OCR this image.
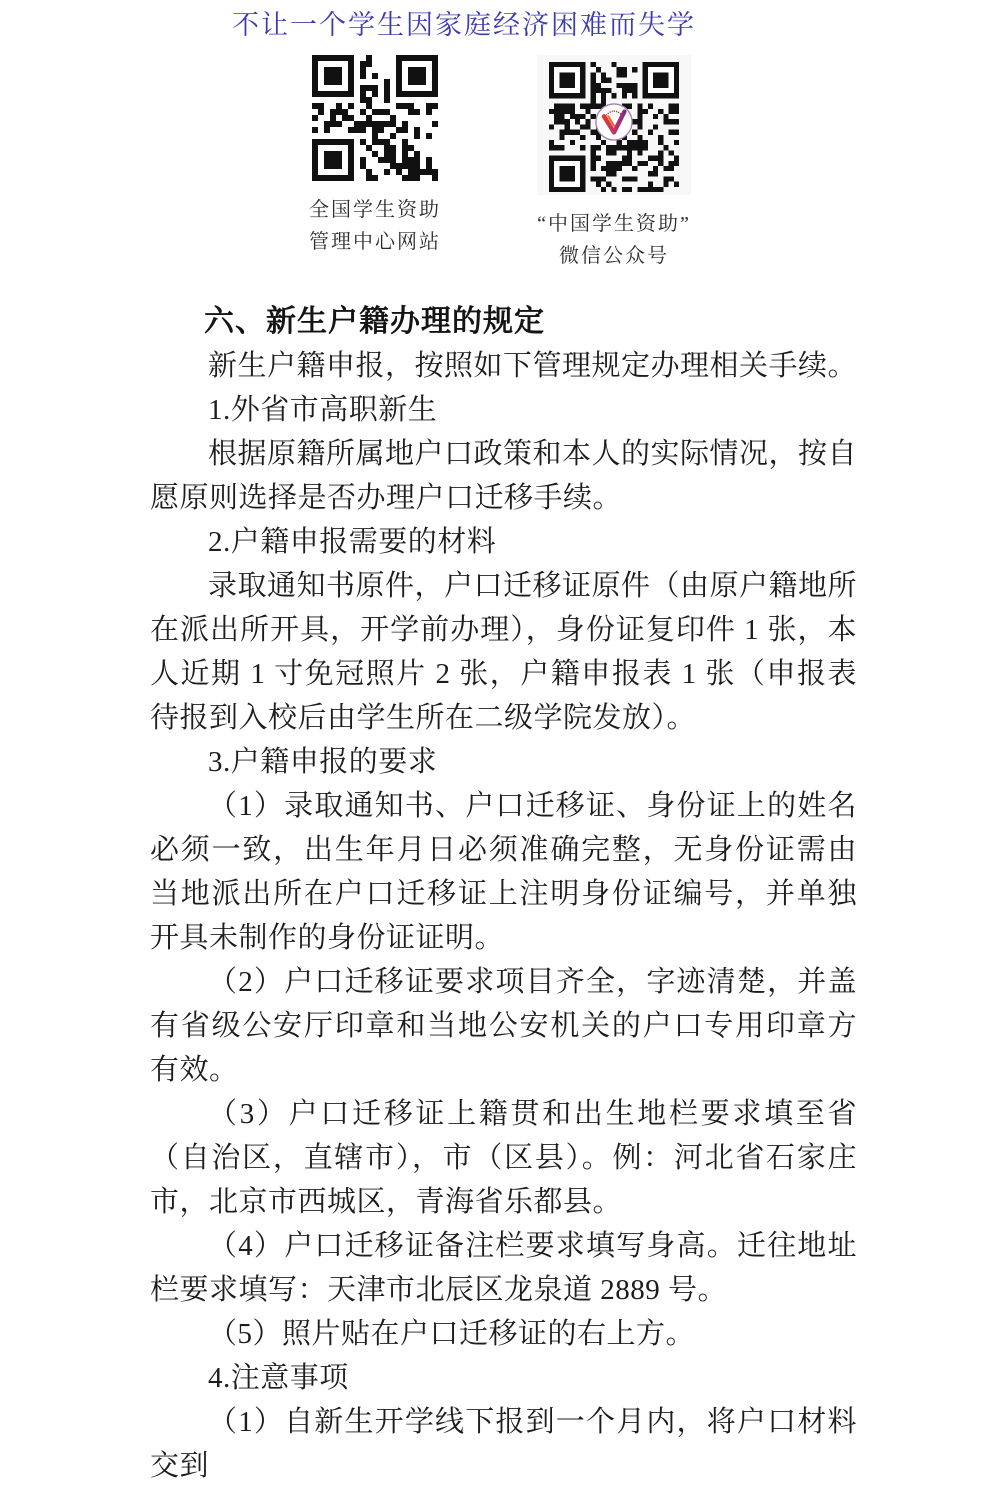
不让一个学生因家庭经济困难而失学
全国学生资助
管理中心网站
“中国学生资助”
微信公众号
六、新生户籍办理的规定

新生户籍申报，按照如下管理规定办理相关手续。

1.外省市高职新生

根据原籍所属地户口政策和本人的实际情况，按自愿原则选择是否办理户口迁移手续。

2.户籍申报需要的材料

录取通知书原件，户口迁移证原件（由原户籍地所在派出所开具，开学前办理），身份证复印件 1 张，本人近期 1 寸免冠照片 2 张，户籍申报表 1 张（申报表待报到入校后由学生所在二级学院发放）。

3.户籍申报的要求

（1）录取通知书、户口迁移证、身份证上的姓名必须一致，出生年月日必须准确完整，无身份证需由当地派出所在户口迁移证上注明身份证编号，并单独开具未制作的身份证证明。

（2）户口迁移证要求项目齐全，字迹清楚，并盖有省级公安厅印章和当地公安机关的户口专用印章方有效。

（3）户口迁移证上籍贯和出生地栏要求填至省（自治区，直辖市），市（区县）。例：河北省石家庄市，北京市西城区，青海省乐都县。

（4）户口迁移证备注栏要求填写身高。迁往地址栏要求填写：天津市北辰区龙泉道 2889 号。

（5）照片贴在户口迁移证的右上方。

4.注意事项

（1）自新生开学线下报到一个月内，将户口材料交到
